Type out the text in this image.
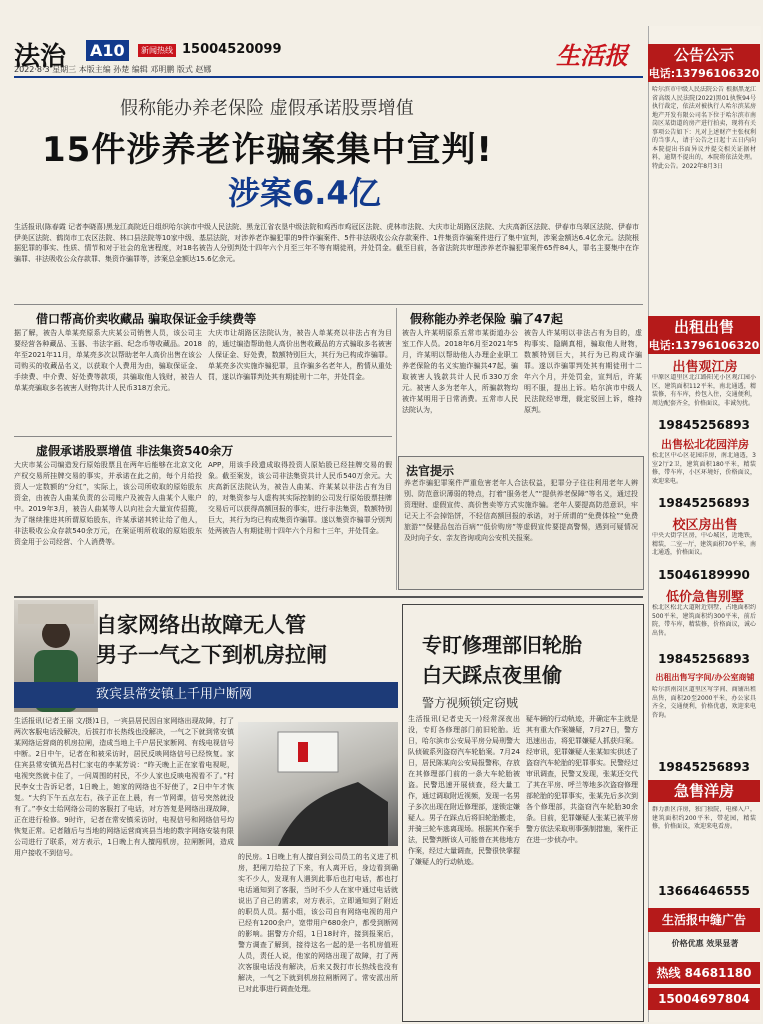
法治 A10	新闻热线 15004520099	生活报
2022·8·3 星期三 本版主编 孙楚 编辑 邓明鹏 版式 赵娜
假称能办养老保险 虚假承诺股票增值
15件涉养老诈骗案集中宣判!
涉案6.4亿
生活报讯(陈春霞 记者李晓喜)黑龙江高院近日组织哈尔滨市中级人民法院、黑龙江省农垦中级法院和鸡西市鸡冠区法院、虎林市法院、大庆市让胡路区法院、大庆高新区法院、伊春市乌翠区法院、伊春市伊美区法院、鹤岗市工农区法院、林口县法院等10家中级、基层法院，对涉养老诈骗犯罪的9件诈骗案件、5件非法吸收公众存款案件、1件集资诈骗案件进行了集中宣判，涉案金额达6.4亿余元。法院根据犯罪的事实、性质、情节和对于社会的危害程度，对18名被告人分别判处十四年六个月至三年不等有期徒刑，并处罚金。截至目前，各省法院共审理涉养老诈骗犯罪案件65件84人，罪名主要集中在诈骗罪、非法吸收公众存款罪、集资诈骗罪等，涉案总金额达15.6亿余元。
借口帮高价卖收藏品 骗取保证金手续费等
据了解，被告人单某亮原系大庆某公司销售人员，该公司主要经营各种藏品、玉器、书法字画、纪念币等收藏品。2018年至2021年11月，单某亮多次以帮助老年人高价出售在该公司购买的收藏品名义，以获取个人费用为由，骗取保证金、手续费、中介费、好处费等款项，共骗取他人钱财，被告人单某亮骗取多名被害人财物共计人民币318万余元。
大庆市让胡路区法院认为，被告人单某亮以非法占有为目的，通过编造帮助他人高价出售收藏品的方式骗取多名被害人保证金、好处费，数额特别巨大，其行为已构成诈骗罪。单某亮多次实施诈骗犯罪，且诈骗多名老年人，酌情从重处罚，遂以诈骗罪判处其有期徒刑十二年，并处罚金。
假称能办养老保险 骗了47起
被告人许某明原系五常市某街道办公室工作人员。2018年6月至2021年5月，许某明以帮助他人办理企业职工养老保险的名义实施诈骗共47起，骗取被害人钱款共计人民币330万余元。被害人多为老年人，所骗款物均被许某明用于日常消费。五常市人民法院认为，
被告人许某明以非法占有为目的，虚构事实、隐瞒真相，骗取他人财物，数额特别巨大，其行为已构成诈骗罪。遂以诈骗罪判处其有期徒刑十二年六个月，并处罚金，宣判后，许某明不服，提出上诉。哈尔滨市中级人民法院经审理，裁定驳回上诉，维持原判。
虚假承诺股票增值 非法集资540余万
大庆市某公司编造发行原始股票且在两年后能够在北京文化产权交易所挂牌交易的事实，并承诺在此之前，每个月给投资人一定数额的“分红”，实际上，该公司所收取的原始股东资金，由被告人曲某负责的公司账户及被告人曲某个人账户中。2019年3月，被告人曲某等人以向社会大量宣传招揽，为了继续推进其所谓原始股东，许某承诺其转让给了他人，非法吸收公众存款540余万元，在案证明所收取的原始股东资金用于公司经营、个人消费等。
APP，用该手段遗成取得投资人原始股已经挂牌交易的假象。截至案发，该公司非法集资共计人民币540万余元。大庆高新区法院认为，被告人曲某、许某某以非法占有为目的，对集资参与人虚构其实际控制的公司发行原始股票挂牌交易后可以获得高额回报的事实，进行非法集资，数额特别巨大，其行为均已构成集资诈骗罪。遂以集资诈骗罪分别判处两被告人有期徒刑十四年六个月和十三年，并处罚金。
法官提示
养老诈骗犯罪案件严重危害老年人合法权益，犯罪分子往往利用老年人辨别、防范意识薄弱的特点，打着“服务老人”“提供养老保障”等名义，通过投资理财、虚假宣传、高价售卖等方式实施诈骗。老年人要提高防范意识，牢记天上不会掉馅饼，不轻信高额回报的承诺，对于所谓的“免费体检”“免费旅游”“保健品包治百病”“低价购房”等虚假宣传要提高警惕，遇到可疑情况及时向子女、亲友咨询或向公安机关报案。
自家网络出故障无人管
男子一气之下到机房拉闸
致宾县常安镇上千用户断网
生活报讯(记者王丽 文/摄)1日，一宾县居民因自家网络出现故障，打了两次客服电话没解决，后拔打市长热线也没解决，一气之下就到常安镇某网络运营商的机房拉闸，造成当地上千户居民家断网、有线电视信号中断。2日中午，记者在和被采访时，居民反映网络信号已经恢复。家住宾县常安镇光昌村仁家屯的李某芳说：“昨天晚上正在家看电视呢，电视突然就卡住了，一问周围的村民，不少人家也反映电视看不了。”村民李女士告诉记者，1日晚上，她家的网络也不好使了，2日中午才恢复。“大约下午五点左右，孩子正在上晨，有一节网课，信号突然就没有了。”李女士给网络公司的客服打了电话，对方答复是网络出现故障，正在进行检修。9时许，记者在常安镇采访时，电视信号和网络信号均恢复正常。记者随后与当地的网络运营商宾县当地的数字网络安装有限公司进行了联系，对方表示，1日晚上有人擅闯机房，拉闸断网，造成用户接收不到信号。	的民房。1日晚上有人擅自到公司员工的名义进了机房，把闸刀给拉了下来，有人离开后，身边看到确实不少人，发现有人遇到此事后也打电话，都也打电话通知到了客服，当时不少人在家中通过电话就说出了自己的需求，对方表示，立即通知到了附近的职员人员。据小组，该公司自有网络电视的用户已经有1200余户，宽带用户680余户，都受到断网的影响。据警方介绍，1日18时许，接到报案后，警方调查了解到，接待这名一起的是一名机房值班人员，责任人说，他家的网络出现了故障，打了两次客服电话没有解决，后来又拨打市长热线也没有解决，一气之下就到机房拉闸断网了。常安派出所已对此事进行调查处理。
专盯修理部旧轮胎
白天踩点夜里偷
警方视频锁定窃贼
生活报讯(记者史天一)经常深夜出没，专盯各修理部门前旧轮胎。近日，哈尔滨市公安局平房分局刑警大队侦破系列盗窃汽车轮胎案。7月24日，居民陈某向公安局报警称，存放在其修理部门前的一条大车轮胎被盗。民警迅速开展侦查，经大量工作，通过调取附近视频，发现一名男子多次出现在附近修理部，遂锁定嫌疑人。男子在踩点后将旧轮胎搬走，并骑三轮车逃离现场。根据其作案手法，民警判断该人可能曾在其他地方作案，经过大量调查，民警很快掌握了嫌疑人的行动轨迹。
疑车辆的行动轨迹，并确定车主就是其有重大作案嫌疑，7月27日，警方迅速出击，将犯罪嫌疑人抓获归案。经审讯，犯罪嫌疑人张某如实供述了盗窃汽车轮胎的犯罪事实。民警经过审讯调查，民警又发现，张某还交代了其在平房、呼兰等地多次盗窃修理部轮胎的犯罪事实，张某先后多次到各个修理部，共盗窃汽车轮胎30余条。目前，犯罪嫌疑人张某已被平房警方依法采取刑事强制措施，案件正在进一步侦办中。
公告公示
电话:13796106320
哈尔滨市中级人民法院公告 根据黑龙江省高级人民法院(2022)黑01执恢94号执行裁定，依法对被执行人哈尔滨某房地产开发有限公司名下位于哈尔滨市南岗区某街道的房产进行拍卖，现将有关事项公告如下：凡对上述财产主张权利的当事人，请于公告之日起十五日内向本院提出书面异议并提交相关证据材料，逾期不提出的，本院将依法处理。特此公告。2022年8月3日
出租出售
电话:13796106320
出售观江房
中原区道里区北江路阳光小区观江园小区，建筑面积112平米，南北通透，精装修，有车库，拎包入住，交通便利，周边配套齐全，价格面议，非诚勿扰。
19845256893
出售松北花园洋房
松北区中心区花园洋房，南北通透，3室2厅2卫，建筑面积180平米，精装修，带车库，小区环境好，价格面议，欢迎来电。
19845256893
校区房出售
中央大街学区房，中心城区，近地铁，精装，二室一厅，建筑面积70平米，南北通透，价格面议。
15046189990
低价急售别墅
松北区松北大道附近别墅，占地面积约500平米，建筑面积约300平米，前后院，带车库，精装修，价格面议，诚心出售。
19845256893
出租出售写字间/办公室商铺
哈尔滨南岗区道里区写字间、商铺出租出售，面积20至2000平米，办公家具齐全，交通便利，价格优惠，欢迎来电咨询。
19845256893
急售洋房
群力新区洋房，独门独院，电梯入户，建筑面积约200平米，带花园，精装修，价格面议，欢迎来电看房。
13664646555
生活报中缝广告
价格优惠 效果显著
热线 84681180
15004697804
